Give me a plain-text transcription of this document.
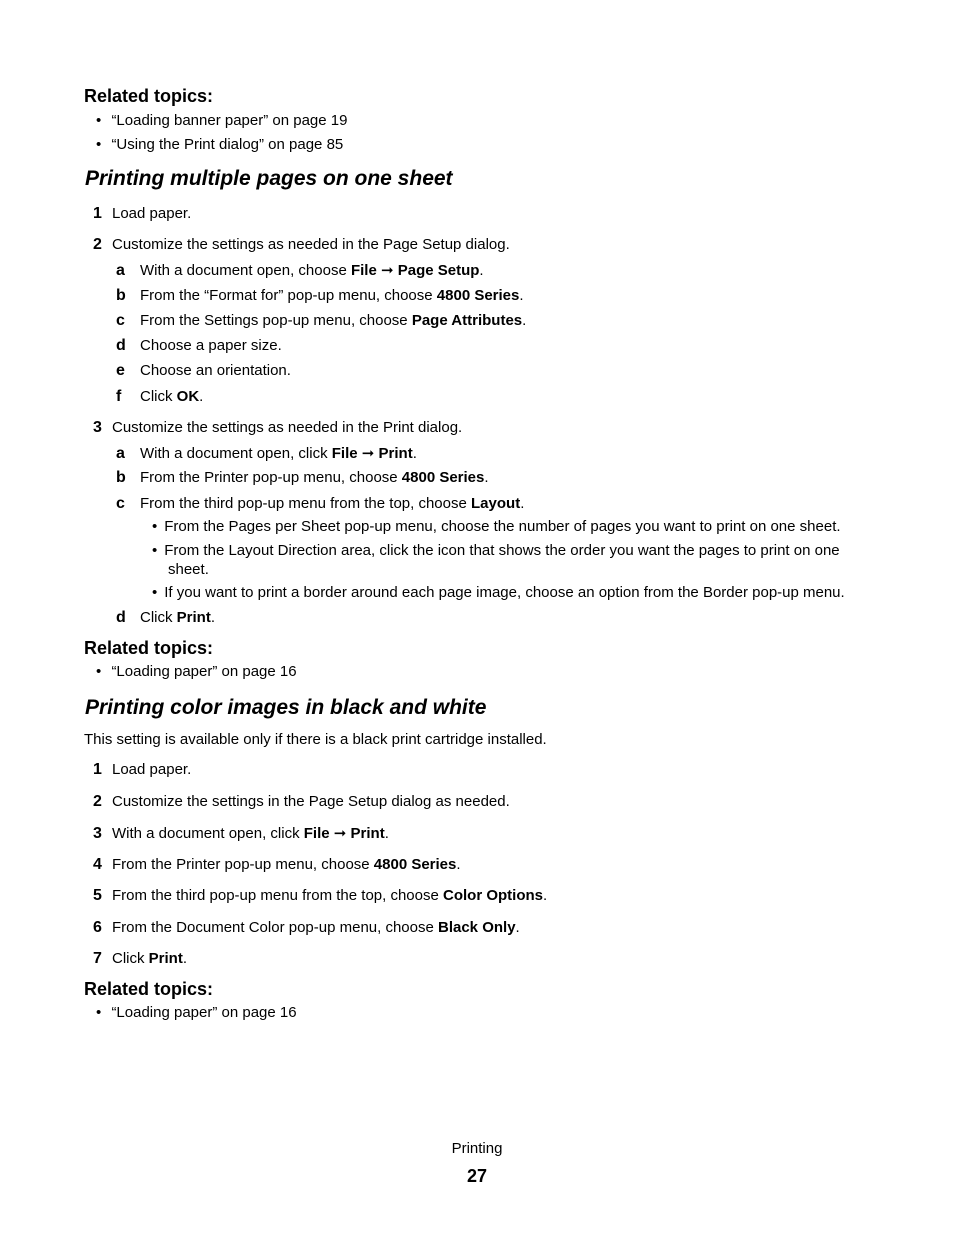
Related topics:
• “Loading banner paper” on page 19
• “Using the Print dialog” on page 85
Printing multiple pages on one sheet
1 Load paper.
2 Customize the settings as needed in the Page Setup dialog.
a With a document open, choose File ➞ Page Setup.
b From the “Format for” pop-up menu, choose 4800 Series.
c From the Settings pop-up menu, choose Page Attributes.
d Choose a paper size.
e Choose an orientation.
f Click OK.
3 Customize the settings as needed in the Print dialog.
a With a document open, click File ➞ Print.
b From the Printer pop-up menu, choose 4800 Series.
c From the third pop-up menu from the top, choose Layout.
• From the Pages per Sheet pop-up menu, choose the number of pages you want to print on one sheet.
• From the Layout Direction area, click the icon that shows the order you want the pages to print on one
sheet.
• If you want to print a border around each page image, choose an option from the Border pop-up menu.
d Click Print.
Related topics:
• “Loading paper” on page 16
Printing color images in black and white
This setting is available only if there is a black print cartridge installed.
1 Load paper.
2 Customize the settings in the Page Setup dialog as needed.
3 With a document open, click File ➞ Print.
4 From the Printer pop-up menu, choose 4800 Series.
5 From the third pop-up menu from the top, choose Color Options.
6 From the Document Color pop-up menu, choose Black Only.
7 Click Print.
Related topics:
• “Loading paper” on page 16
Printing
27
